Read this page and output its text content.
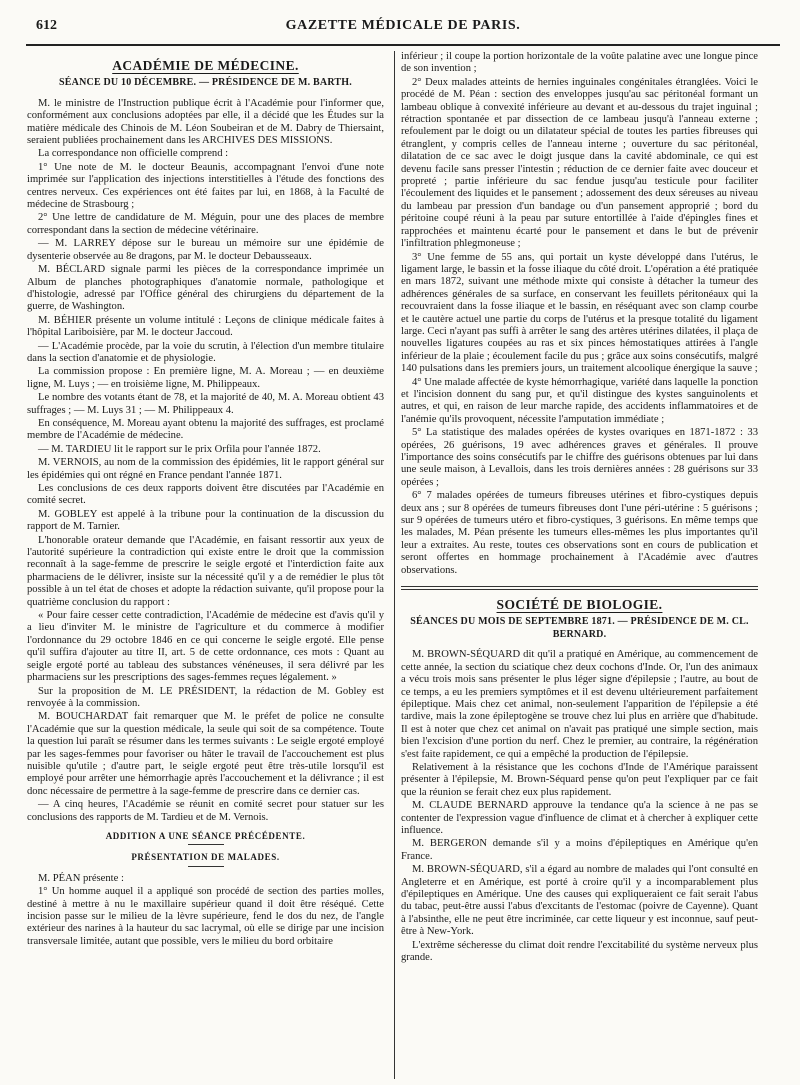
612	GAZETTE MÉDICALE DE PARIS.
ACADÉMIE DE MÉDECINE.
SÉANCE DU 10 DÉCEMBRE. — PRÉSIDENCE DE M. BARTH.

M. le ministre de l'Instruction publique écrit à l'Académie pour l'informer que, conformément aux conclusions adoptées par elle, il a décidé que les Études sur la matière médicale des Chinois de M. Léon Soubeiran et de M. Dabry de Thiersaint, seraient publiées prochainement dans les ARCHIVES DES MISSIONS.

La correspondance non officielle comprend :

1° Une note de M. le docteur Beaunis, accompagnant l'envoi d'une note imprimée sur l'application des injections interstitielles à l'étude des fonctions des centres nerveux. Ces expériences ont été faites par lui, en 1868, à la Faculté de médecine de Strasbourg ;

2° Une lettre de candidature de M. Méguin, pour une des places de membre correspondant dans la section de médecine vétérinaire.

— M. LARREY dépose sur le bureau un mémoire sur une épidémie de dysenterie observée au 8e dragons, par M. le docteur Debausseaux.

M. BÉCLARD signale parmi les pièces de la correspondance imprimée un Album de planches photographiques d'anatomie normale, pathologique et d'histologie, adressé par l'Office général des chirurgiens du département de la guerre, de Washington.

M. BÉHIER présente un volume intitulé : Leçons de clinique médicale faites à l'hôpital Lariboisière, par M. le docteur Jaccoud.

— L'Académie procède, par la voie du scrutin, à l'élection d'un membre titulaire dans la section d'anatomie et de physiologie.

La commission propose : En première ligne, M. A. Moreau ; — en deuxième ligne, M. Luys ; — en troisième ligne, M. Philippeaux.

Le nombre des votants étant de 78, et la majorité de 40, M. A. Moreau obtient 43 suffrages ; — M. Luys 31 ; — M. Philippeaux 4.

En conséquence, M. Moreau ayant obtenu la majorité des suffrages, est proclamé membre de l'Académie de médecine.

— M. TARDIEU lit le rapport sur le prix Orfila pour l'année 1872.

M. VERNOIS, au nom de la commission des épidémies, lit le rapport général sur les épidémies qui ont régné en France pendant l'année 1871.

Les conclusions de ces deux rapports doivent être discutées par l'Académie en comité secret.

M. GOBLEY est appelé à la tribune pour la continuation de la discussion du rapport de M. Tarnier.

L'honorable orateur demande que l'Académie, en faisant ressortir aux yeux de l'autorité supérieure la contradiction qui existe entre le droit que la commission reconnaît à la sage-femme de prescrire le seigle ergoté et l'interdiction faite aux pharmaciens de le délivrer, insiste sur la nécessité qu'il y a de remédier le plus tôt possible à un tel état de choses et adopte la rédaction suivante, qu'il propose pour la quatrième conclusion du rapport :

« Pour faire cesser cette contradiction, l'Académie de médecine est d'avis qu'il y a lieu d'inviter M. le ministre de l'agriculture et du commerce à modifier l'ordonnance du 29 octobre 1846 en ce qui concerne le seigle ergoté. Elle pense qu'il suffira d'ajouter au titre II, art. 5 de cette ordonnance, ces mots : Quant au seigle ergoté porté au tableau des substances vénéneuses, il sera délivré par les pharmaciens sur les prescriptions des sages-femmes reçues légalement. »

Sur la proposition de M. LE PRÉSIDENT, la rédaction de M. Gobley est renvoyée à la commission.

M. BOUCHARDAT fait remarquer que M. le préfet de police ne consulte l'Académie que sur la question médicale, la seule qui soit de sa compétence. Toute la question lui paraît se résumer dans les termes suivants : Le seigle ergoté employé par les sages-femmes pour favoriser ou hâter le travail de l'accouchement est plus nuisible qu'utile ; d'autre part, le seigle ergoté peut être très-utile lorsqu'il est employé pour arrêter une hémorrhagie après l'accouchement et la délivrance ; il est donc nécessaire de permettre à la sage-femme de prescrire dans ce dernier cas.

— A cinq heures, l'Académie se réunit en comité secret pour statuer sur les conclusions des rapports de M. Tardieu et de M. Vernois.

ADDITION A UNE SÉANCE PRÉCÉDENTE.
PRÉSENTATION DE MALADES.

M. PÉAN présente :

1° Un homme auquel il a appliqué son procédé de section des parties molles, destiné à mettre à nu le maxillaire supérieur quand il doit être réséqué. Cette incision passe sur le milieu de la lèvre supérieure, fend le dos du nez, de l'angle extérieur des narines à la hauteur du sac lacrymal, où elle se dirige par une incision transversale limitée, autant que possible, vers le milieu du bord orbitaire

inférieur ; il coupe la portion horizontale de la voûte palatine avec une longue pince de son invention ;

2° Deux malades atteints de hernies inguinales congénitales étranglées. Voici le procédé de M. Péan : section des enveloppes jusqu'au sac péritonéal formant un lambeau oblique à convexité inférieure au devant et au-dessous du trajet inguinal ; rétraction spontanée et par dissection de ce lambeau jusqu'à l'anneau externe ; refoulement par le doigt ou un dilatateur spécial de toutes les parties fibreuses qui étranglent, y compris celles de l'anneau interne ; ouverture du sac péritonéal, dilatation de ce sac avec le doigt jusque dans la cavité abdominale, ce qui est devenu facile sans presser l'intestin ; réduction de ce dernier faite avec douceur et propreté ; partie inférieure du sac fendue jusqu'au testicule pour faciliter l'écoulement des liquides et le pansement ; adossement des deux séreuses au niveau du lambeau par pression d'un bandage ou d'un pansement approprié ; bord du péritoine coupé réuni à la peau par suture entortillée à l'aide d'épingles fines et rapprochées et maintenu écarté pour le pansement et dans le but de prévenir l'infiltration phlegmoneuse ;

3° Une femme de 55 ans, qui portait un kyste développé dans l'utérus, le ligament large, le bassin et la fosse iliaque du côté droit. L'opération a été pratiquée en mars 1872, suivant une méthode mixte qui consiste à détacher la tumeur des adhérences générales de sa surface, en conservant les feuillets péritonéaux qui la recouvraient dans la fosse iliaque et le bassin, en réséquant avec son clamp courbe et le cautère actuel une partie du corps de l'utérus et la presque totalité du ligament large. Ceci n'ayant pas suffi à arrêter le sang des artères utérines dilatées, il plaça de nouvelles ligatures coupées au ras et six pinces hémostatiques attirées à l'angle inférieur de la plaie ; écoulement facile du pus ; grâce aux soins consécutifs, malgré 140 pulsations dans les premiers jours, un traitement alcoolique énergique la sauve ;

4° Une malade affectée de kyste hémorrhagique, variété dans laquelle la ponction et l'incision donnent du sang pur, et qu'il distingue des kystes sanguinolents et autres, et qui, en raison de leur marche rapide, des accidents inflammatoires et de l'anémie qu'ils provoquent, nécessite l'amputation immédiate ;

5° La statistique des malades opérées de kystes ovariques en 1871-1872 : 33 opérées, 26 guérisons, 19 avec adhérences graves et générales. Il prouve l'importance des soins consécutifs par le chiffre des guérisons obtenues par lui dans une seule maison, à Levallois, dans les trois dernières années : 28 guérisons sur 33 opérées ;

6° 7 malades opérées de tumeurs fibreuses utérines et fibro-cystiques depuis deux ans ; sur 8 opérées de tumeurs fibreuses dont l'une péri-utérine : 5 guérisons ; sur 9 opérées de tumeurs utéro et fibro-cystiques, 3 guérisons. En même temps que les malades, M. Péan présente les tumeurs elles-mêmes les plus importantes qu'il leur a extraites. Au reste, toutes ces observations sont en cours de publication et seront offertes en hommage prochainement à l'Académie avec d'autres observations.

SOCIÉTÉ DE BIOLOGIE.
SÉANCES DU MOIS DE SEPTEMBRE 1871. — PRÉSIDENCE DE M. CL. BERNARD.

M. BROWN-SÉQUARD dit qu'il a pratiqué en Amérique, au commencement de cette année, la section du sciatique chez deux cochons d'Inde. Or, l'un des animaux a vécu trois mois sans présenter le plus léger signe d'épilepsie ; l'autre, au bout de ce temps, a eu les premiers symptômes et il est devenu ultérieurement parfaitement épileptique. Mais chez cet animal, non-seulement l'apparition de l'épilepsie a été tardive, mais la zone épileptogène se trouve chez lui plus en arrière que d'habitude. Il est à noter que chez cet animal on n'avait pas pratiqué une simple section, mais bien l'excision d'une portion du nerf. Chez le premier, au contraire, la régénération s'est faite rapidement, ce qui a empêché la production de l'épilepsie.

Relativement à la résistance que les cochons d'Inde de l'Amérique paraissent présenter à l'épilepsie, M. Brown-Séquard pense qu'on peut l'expliquer par ce fait que la réunion se ferait chez eux plus rapidement.

M. CLAUDE BERNARD approuve la tendance qu'a la science à ne pas se contenter de l'expression vague d'influence de climat et à chercher à expliquer cette influence.

M. BERGERON demande s'il y a moins d'épileptiques en Amérique qu'en France.

M. BROWN-SÉQUARD, s'il a égard au nombre de malades qui l'ont consulté en Angleterre et en Amérique, est porté à croire qu'il y a incomparablement plus d'épileptiques en Amérique. Une des causes qui expliqueraient ce fait serait l'abus du tabac, peut-être aussi l'abus d'excitants de l'estomac (poivre de Cayenne). Quant à l'absinthe, elle ne peut être incriminée, car cette liqueur y est inconnue, sauf peut-être à New-York.

L'extrême sécheresse du climat doit rendre l'excitabilité du système nerveux plus grande.
